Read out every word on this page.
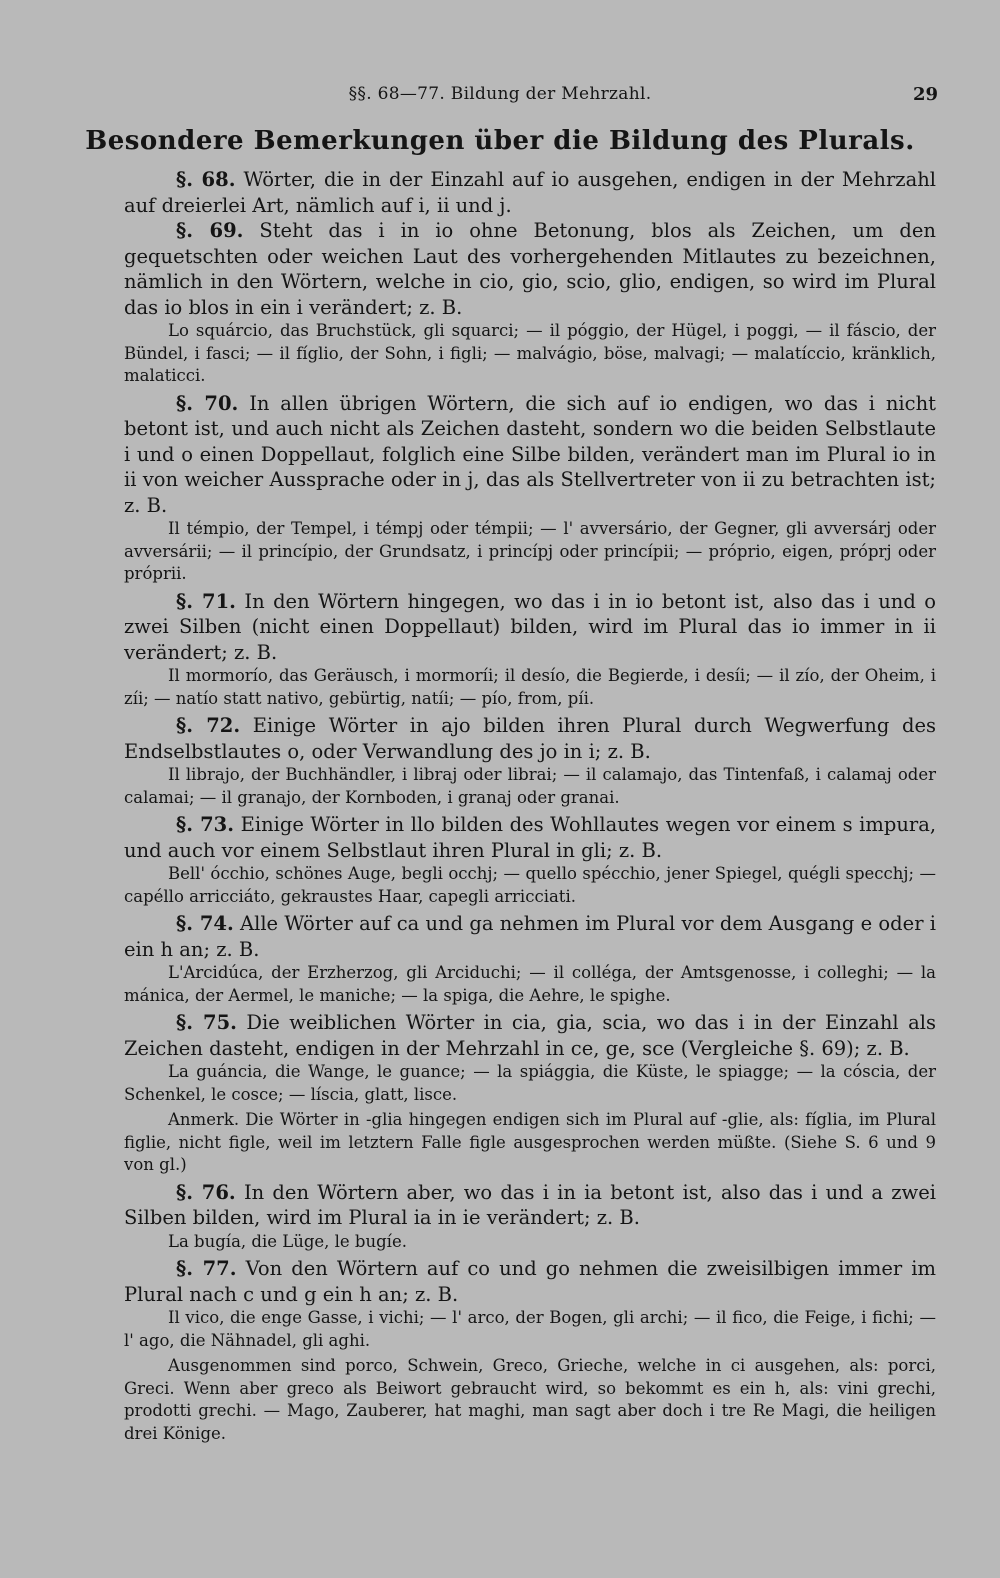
§§. 68—77. Bildung der Mehrzahl.	29
Besondere Bemerkungen über die Bildung des Plurals.

§. 68. Wörter, die in der Einzahl auf io ausgehen, endigen in der Mehrzahl auf dreierlei Art, nämlich auf i, ii und j.

§. 69. Steht das i in io ohne Betonung, blos als Zeichen, um den gequetschten oder weichen Laut des vorhergehenden Mitlautes zu bezeichnen, nämlich in den Wörtern, welche in cio, gio, scio, glio, endigen, so wird im Plural das io blos in ein i verändert; z. B.

Lo squárcio, das Bruchstück, gli squarci; — il póggio, der Hügel, i poggi, — il fáscio, der Bündel, i fasci; — il fíglio, der Sohn, i figli; — malvágio, böse, malvagi; — malatíccio, kränklich, malaticci.

§. 70. In allen übrigen Wörtern, die sich auf io endigen, wo das i nicht betont ist, und auch nicht als Zeichen dasteht, sondern wo die beiden Selbstlaute i und o einen Doppellaut, folglich eine Silbe bilden, verändert man im Plural io in ii von weicher Aussprache oder in j, das als Stellvertreter von ii zu betrachten ist; z. B.

Il témpio, der Tempel, i témpj oder témpii; — l' avversário, der Gegner, gli avversárj oder avversárii; — il princípio, der Grundsatz, i princípj oder princípii; — próprio, eigen, próprj oder próprii.

§. 71. In den Wörtern hingegen, wo das i in io betont ist, also das i und o zwei Silben (nicht einen Doppellaut) bilden, wird im Plural das io immer in ii verändert; z. B.

Il mormorío, das Geräusch, i mormoríi; il desío, die Begierde, i desíi; — il zío, der Oheim, i zíi; — natío statt nativo, gebürtig, natíi; — pío, from, píi.

§. 72. Einige Wörter in ajo bilden ihren Plural durch Wegwerfung des Endselbstlautes o, oder Verwandlung des jo in i; z. B.

Il librajo, der Buchhändler, i libraj oder librai; — il calamajo, das Tintenfaß, i calamaj oder calamai; — il granajo, der Kornboden, i granaj oder granai.

§. 73. Einige Wörter in llo bilden des Wohllautes wegen vor einem s impura, und auch vor einem Selbstlaut ihren Plural in gli; z. B.

Bell' ócchio, schönes Auge, begli occhj; — quello spécchio, jener Spiegel, quégli specchj; — capéllo arricciáto, gekraustes Haar, capegli arricciati.

§. 74. Alle Wörter auf ca und ga nehmen im Plural vor dem Ausgang e oder i ein h an; z. B.

L'Arcidúca, der Erzherzog, gli Arciduchi; — il colléga, der Amtsgenosse, i colleghi; — la mánica, der Aermel, le maniche; — la spiga, die Aehre, le spighe.

§. 75. Die weiblichen Wörter in cia, gia, scia, wo das i in der Einzahl als Zeichen dasteht, endigen in der Mehrzahl in ce, ge, sce (Vergleiche §. 69); z. B.

La guáncia, die Wange, le guance; — la spiággia, die Küste, le spiagge; — la cóscia, der Schenkel, le cosce; — líscia, glatt, lisce.

Anmerk. Die Wörter in -glia hingegen endigen sich im Plural auf -glie, als: fíglia, im Plural figlie, nicht figle, weil im letztern Falle figle ausgesprochen werden müßte. (Siehe S. 6 und 9 von gl.)

§. 76. In den Wörtern aber, wo das i in ia betont ist, also das i und a zwei Silben bilden, wird im Plural ia in ie verändert; z. B.

La bugía, die Lüge, le bugíe.

§. 77. Von den Wörtern auf co und go nehmen die zweisilbigen immer im Plural nach c und g ein h an; z. B.

Il vico, die enge Gasse, i vichi; — l' arco, der Bogen, gli archi; — il fico, die Feige, i fichi; — l' ago, die Nähnadel, gli aghi.

Ausgenommen sind porco, Schwein, Greco, Grieche, welche in ci ausgehen, als: porci, Greci. Wenn aber greco als Beiwort gebraucht wird, so bekommt es ein h, als: vini grechi, prodotti grechi. — Mago, Zauberer, hat maghi, man sagt aber doch i tre Re Magi, die heiligen drei Könige.
